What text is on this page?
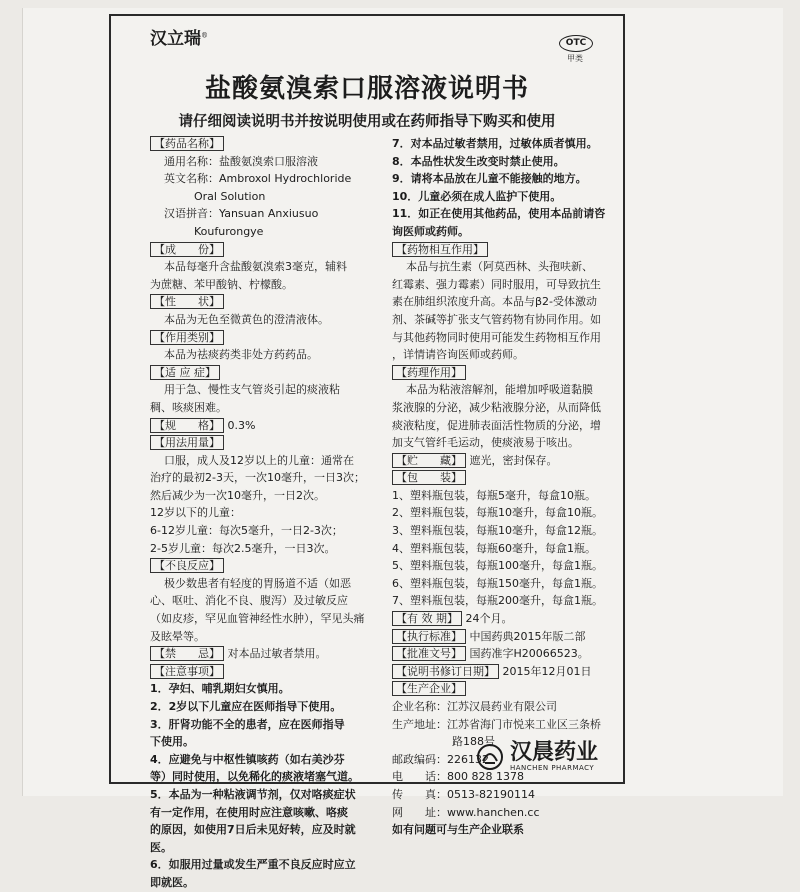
汉立瑞®
OTC
甲类
盐酸氨溴索口服溶液说明书
请仔细阅读说明书并按说明使用或在药师指导下购买和使用
【药品名称】
通用名称：盐酸氨溴索口服溶液
英文名称：Ambroxol Hydrochloride
Oral Solution
汉语拼音：Yansuan Anxiusuo
Koufurongye
【成　　份】
本品每毫升含盐酸氨溴索3毫克，辅料
为蔗糖、苯甲酸钠、柠檬酸。
【性　　状】
本品为无色至微黄色的澄清液体。
【作用类别】
本品为祛痰药类非处方药药品。
【适 应 症】
用于急、慢性支气管炎引起的痰液粘
稠、咳痰困难。
【规　　格】 0.3%
【用法用量】
口服，成人及12岁以上的儿童：通常在
治疗的最初2-3天，一次10毫升，一日3次；
然后减少为一次10毫升，一日2次。
12岁以下的儿童：
6-12岁儿童：每次5毫升，一日2-3次；
2-5岁儿童：每次2.5毫升，一日3次。
【不良反应】
极少数患者有轻度的胃肠道不适（如恶
心、呕吐、消化不良、腹泻）及过敏反应
（如皮疹，罕见血管神经性水肿），罕见头痛
及眩晕等。
【禁　　忌】 对本品过敏者禁用。
【注意事项】
1．孕妇、哺乳期妇女慎用。
2．2岁以下儿童应在医师指导下使用。
3．肝肾功能不全的患者，应在医师指导
下使用。
4．应避免与中枢性镇咳药（如右美沙芬
等）同时使用，以免稀化的痰液堵塞气道。
5．本品为一种粘液调节剂，仅对咯痰症状
有一定作用，在使用时应注意咳嗽、咯痰
的原因，如使用7日后未见好转，应及时就
医。
6．如服用过量或发生严重不良反应时应立
即就医。
7．对本品过敏者禁用，过敏体质者慎用。
8．本品性状发生改变时禁止使用。
9．请将本品放在儿童不能接触的地方。
10．儿童必须在成人监护下使用。
11．如正在使用其他药品，使用本品前请咨
询医师或药师。
【药物相互作用】
本品与抗生素（阿莫西林、头孢呋新、
红霉素、强力霉素）同时服用，可导致抗生
素在肺组织浓度升高。本品与β2-受体激动
剂、茶碱等扩张支气管药物有协同作用。如
与其他药物同时使用可能发生药物相互作用
，详情请咨询医师或药师。
【药理作用】
本品为粘液溶解剂，能增加呼吸道黏膜
浆液腺的分泌，减少粘液腺分泌，从而降低
痰液粘度，促进肺表面活性物质的分泌，增
加支气管纤毛运动，使痰液易于咳出。
【贮　　藏】 遮光，密封保存。
【包　　装】
1、塑料瓶包装，每瓶5毫升，每盒10瓶。
2、塑料瓶包装，每瓶10毫升，每盒10瓶。
3、塑料瓶包装，每瓶10毫升，每盒12瓶。
4、塑料瓶包装，每瓶60毫升，每盒1瓶。
5、塑料瓶包装，每瓶100毫升，每盒1瓶。
6、塑料瓶包装，每瓶150毫升，每盒1瓶。
7、塑料瓶包装，每瓶200毫升，每盒1瓶。
【有 效 期】 24个月。
【执行标准】 中国药典2015年版二部
【批准文号】 国药准字H20066523。
【说明书修订日期】 2015年12月01日
【生产企业】
企业名称：江苏汉晨药业有限公司
生产地址：江苏省海门市悦来工业区三条桥
路188号
邮政编码：226132
电　　话：800 828 1378
传　　真：0513-82190114
网　　址：www.hanchen.cc
如有问题可与生产企业联系
汉晨药业
HANCHEN PHARMACY
